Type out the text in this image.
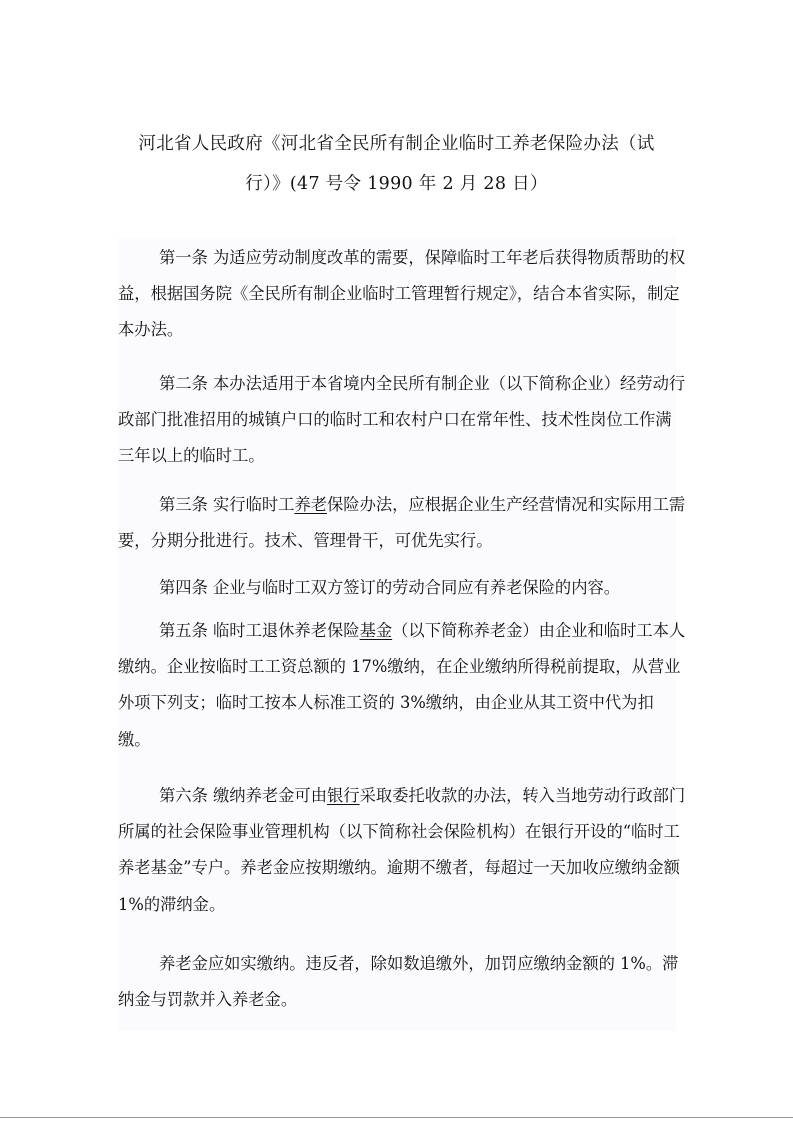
河北省人民政府《河北省全民所有制企业临时工养老保险办法（试
行）》(47 号令 1990 年 2 月 28 日）

第一条 为适应劳动制度改革的需要，保障临时工年老后获得物质帮助的权益，根据国务院《全民所有制企业临时工管理暂行规定》，结合本省实际，制定本办法。

第二条 本办法适用于本省境内全民所有制企业（以下简称企业）经劳动行政部门批准招用的城镇户口的临时工和农村户口在常年性、技术性岗位工作满三年以上的临时工。

第三条 实行临时工养老保险办法，应根据企业生产经营情况和实际用工需要，分期分批进行。技术、管理骨干，可优先实行。

第四条 企业与临时工双方签订的劳动合同应有养老保险的内容。

第五条 临时工退休养老保险基金（以下简称养老金）由企业和临时工本人缴纳。企业按临时工工资总额的 17%缴纳，在企业缴纳所得税前提取，从营业外项下列支；临时工按本人标准工资的 3%缴纳，由企业从其工资中代为扣缴。

第六条 缴纳养老金可由银行采取委托收款的办法，转入当地劳动行政部门所属的社会保险事业管理机构（以下简称社会保险机构）在银行开设的“临时工养老基金”专户。养老金应按期缴纳。逾期不缴者，每超过一天加收应缴纳金额 1%的滞纳金。

养老金应如实缴纳。违反者，除如数追缴外，加罚应缴纳金额的 1%。滞纳金与罚款并入养老金。
